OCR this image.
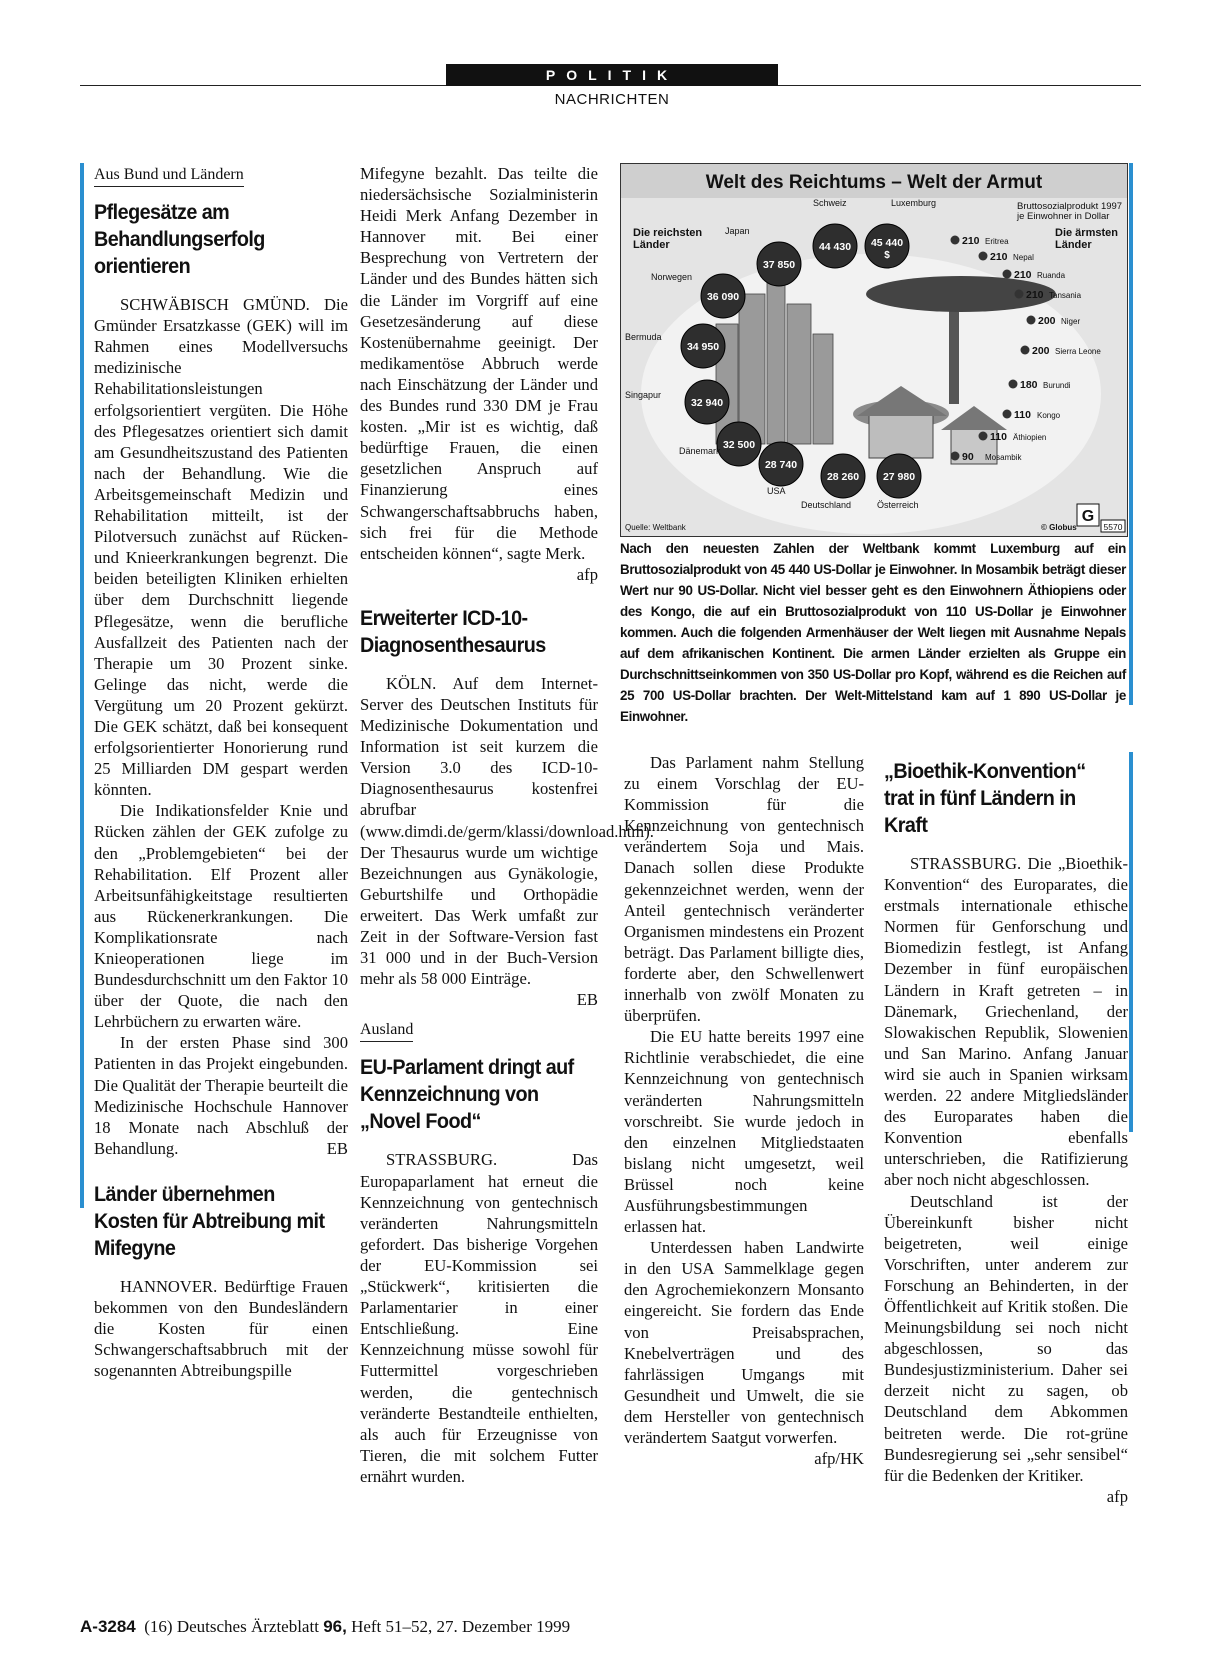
POLITIK
NACHRICHTEN
Aus Bund und Ländern
Pflegesätze am Behandlungserfolg orientieren

SCHWÄBISCH GMÜND. Die Gmünder Ersatzkasse (GEK) will im Rahmen eines Modellversuchs medizinische Rehabilitationsleistungen erfolgsorientiert vergüten. Die Höhe des Pflegesatzes orientiert sich damit am Gesundheitszustand des Patienten nach der Behandlung. Wie die Arbeitsgemeinschaft Medizin und Rehabilitation mitteilt, ist der Pilotversuch zunächst auf Rücken- und Knieerkrankungen begrenzt. Die beiden beteiligten Kliniken erhielten über dem Durchschnitt liegende Pflegesätze, wenn die berufliche Ausfallzeit des Patienten nach der Therapie um 30 Prozent sinke. Gelinge das nicht, werde die Vergütung um 20 Prozent gekürzt. Die GEK schätzt, daß bei konsequent erfolgsorientierter Honorierung rund 25 Milliarden DM gespart werden könnten.

Die Indikationsfelder Knie und Rücken zählen der GEK zufolge zu den „Problemgebieten“ bei der Rehabilitation. Elf Prozent aller Arbeitsunfähigkeitstage resultierten aus Rückenerkrankungen. Die Komplikationsrate nach Knieoperationen liege im Bundesdurchschnitt um den Faktor 10 über der Quote, die nach den Lehrbüchern zu erwarten wäre.

In der ersten Phase sind 300 Patienten in das Projekt eingebunden. Die Qualität der Therapie beurteilt die Medizinische Hochschule Hannover 18 Monate nach Abschluß der Behandlung.	EB

Länder übernehmen Kosten für Abtreibung mit Mifegyne

HANNOVER. Bedürftige Frauen bekommen von den Bundesländern die Kosten für einen Schwangerschaftsabbruch mit der sogenannten Abtreibungspille

Mifegyne bezahlt. Das teilte die niedersächsische Sozialministerin Heidi Merk Anfang Dezember in Hannover mit. Bei einer Besprechung von Vertretern der Länder und des Bundes hätten sich die Länder im Vorgriff auf eine Gesetzesänderung auf diese Kostenübernahme geeinigt. Der medikamentöse Abbruch werde nach Einschätzung der Länder und des Bundes rund 330 DM je Frau kosten. „Mir ist es wichtig, daß bedürftige Frauen, die einen gesetzlichen Anspruch auf Finanzierung eines Schwangerschaftsabbruchs haben, sich frei für die Methode entscheiden können“, sagte Merk.

afp
Erweiterter ICD-10-Diagnosenthesaurus

KÖLN. Auf dem Internet-Server des Deutschen Instituts für Medizinische Dokumentation und Information ist seit kurzem die Version 3.0 des ICD-10-Diagnosenthesaurus kostenfrei abrufbar (www.dimdi.de/germ/klassi/download.htm). Der Thesaurus wurde um wichtige Bezeichnungen aus Gynäkologie, Geburtshilfe und Orthopädie erweitert. Das Werk umfaßt zur Zeit in der Software-Version fast 31 000 und in der Buch-Version mehr als 58 000 Einträge.

EB
Ausland
EU-Parlament dringt auf Kennzeichnung von „Novel Food“

STRASSBURG. Das Europaparlament hat erneut die Kennzeichnung von gentechnisch veränderten Nahrungsmitteln gefordert. Das bisherige Vorgehen der EU-Kommission sei „Stückwerk“, kritisierten die Parlamentarier in einer Entschließung. Eine Kennzeichnung müsse sowohl für Futtermittel vorgeschrieben werden, die gentechnisch veränderte Bestandteile enthielten, als auch für Erzeugnisse von Tieren, die mit solchem Futter ernährt wurden.

Welt des Reichtums – Welt der Armut
Bruttosozialprodukt 1997
je Einwohner in Dollar
Die reichsten
Länder
Die ärmsten
Länder
45 440
$
Luxemburg
44 430
Schweiz
37 850
Japan
36 090
Norwegen
34 950
Bermuda
32 940
Singapur
32 500
Dänemark
28 740
USA
28 260
Deutschland
27 980
Österreich
210 Eritrea
210 Nepal
210 Ruanda
210 Tansania
200 Niger
200 Sierra Leone
180 Burundi
110 Kongo
110 Äthiopien
90 Mosambik
Quelle: Weltbank	© Globus
G
5570
Nach den neuesten Zahlen der Weltbank kommt Luxemburg auf ein Bruttosozialprodukt von 45 440 US-Dollar je Einwohner. In Mosambik beträgt dieser Wert nur 90 US-Dollar. Nicht viel besser geht es den Einwohnern Äthiopiens oder des Kongo, die auf ein Bruttosozialprodukt von 110 US-Dollar je Einwohner kommen. Auch die folgenden Armenhäuser der Welt liegen mit Ausnahme Nepals auf dem afrikanischen Kontinent. Die armen Länder erzielten als Gruppe ein Durchschnittseinkommen von 350 US-Dollar pro Kopf, während es die Reichen auf 25 700 US-Dollar brachten. Der Welt-Mittelstand kam auf 1 890 US-Dollar je Einwohner.

Das Parlament nahm Stellung zu einem Vorschlag der EU-Kommission für die Kennzeichnung von gentechnisch verändertem Soja und Mais. Danach sollen diese Produkte gekennzeichnet werden, wenn der Anteil gentechnisch veränderter Organismen mindestens ein Prozent beträgt. Das Parlament billigte dies, forderte aber, den Schwellenwert innerhalb von zwölf Monaten zu überprüfen.

Die EU hatte bereits 1997 eine Richtlinie verabschiedet, die eine Kennzeichnung von gentechnisch veränderten Nahrungsmitteln vorschreibt. Sie wurde jedoch in den einzelnen Mitgliedstaaten bislang nicht umgesetzt, weil Brüssel noch keine Ausführungsbestimmungen erlassen hat.

Unterdessen haben Landwirte in den USA Sammelklage gegen den Agrochemiekonzern Monsanto eingereicht. Sie fordern das Ende von Preisabsprachen, Knebelverträgen und des fahrlässigen Umgangs mit Gesundheit und Umwelt, die sie dem Hersteller von gentechnisch verändertem Saatgut vorwerfen.

afp/HK
„Bioethik-Konvention“ trat in fünf Ländern in Kraft

STRASSBURG. Die „Bioethik-Konvention“ des Europarates, die erstmals internationale ethische Normen für Genforschung und Biomedizin festlegt, ist Anfang Dezember in fünf europäischen Ländern in Kraft getreten – in Dänemark, Griechenland, der Slowakischen Republik, Slowenien und San Marino. Anfang Januar wird sie auch in Spanien wirksam werden. 22 andere Mitgliedsländer des Europarates haben die Konvention ebenfalls unterschrieben, die Ratifizierung aber noch nicht abgeschlossen.

Deutschland ist der Übereinkunft bisher nicht beigetreten, weil einige Vorschriften, unter anderem zur Forschung an Behinderten, in der Öffentlichkeit auf Kritik stoßen. Die Meinungsbildung sei noch nicht abgeschlossen, so das Bundesjustizministerium. Daher sei derzeit nicht zu sagen, ob Deutschland dem Abkommen beitreten werde. Die rot-grüne Bundesregierung sei „sehr sensibel“ für die Bedenken der Kritiker.

afp
A-3284 (16) Deutsches Ärzteblatt 96, Heft 51–52, 27. Dezember 1999
